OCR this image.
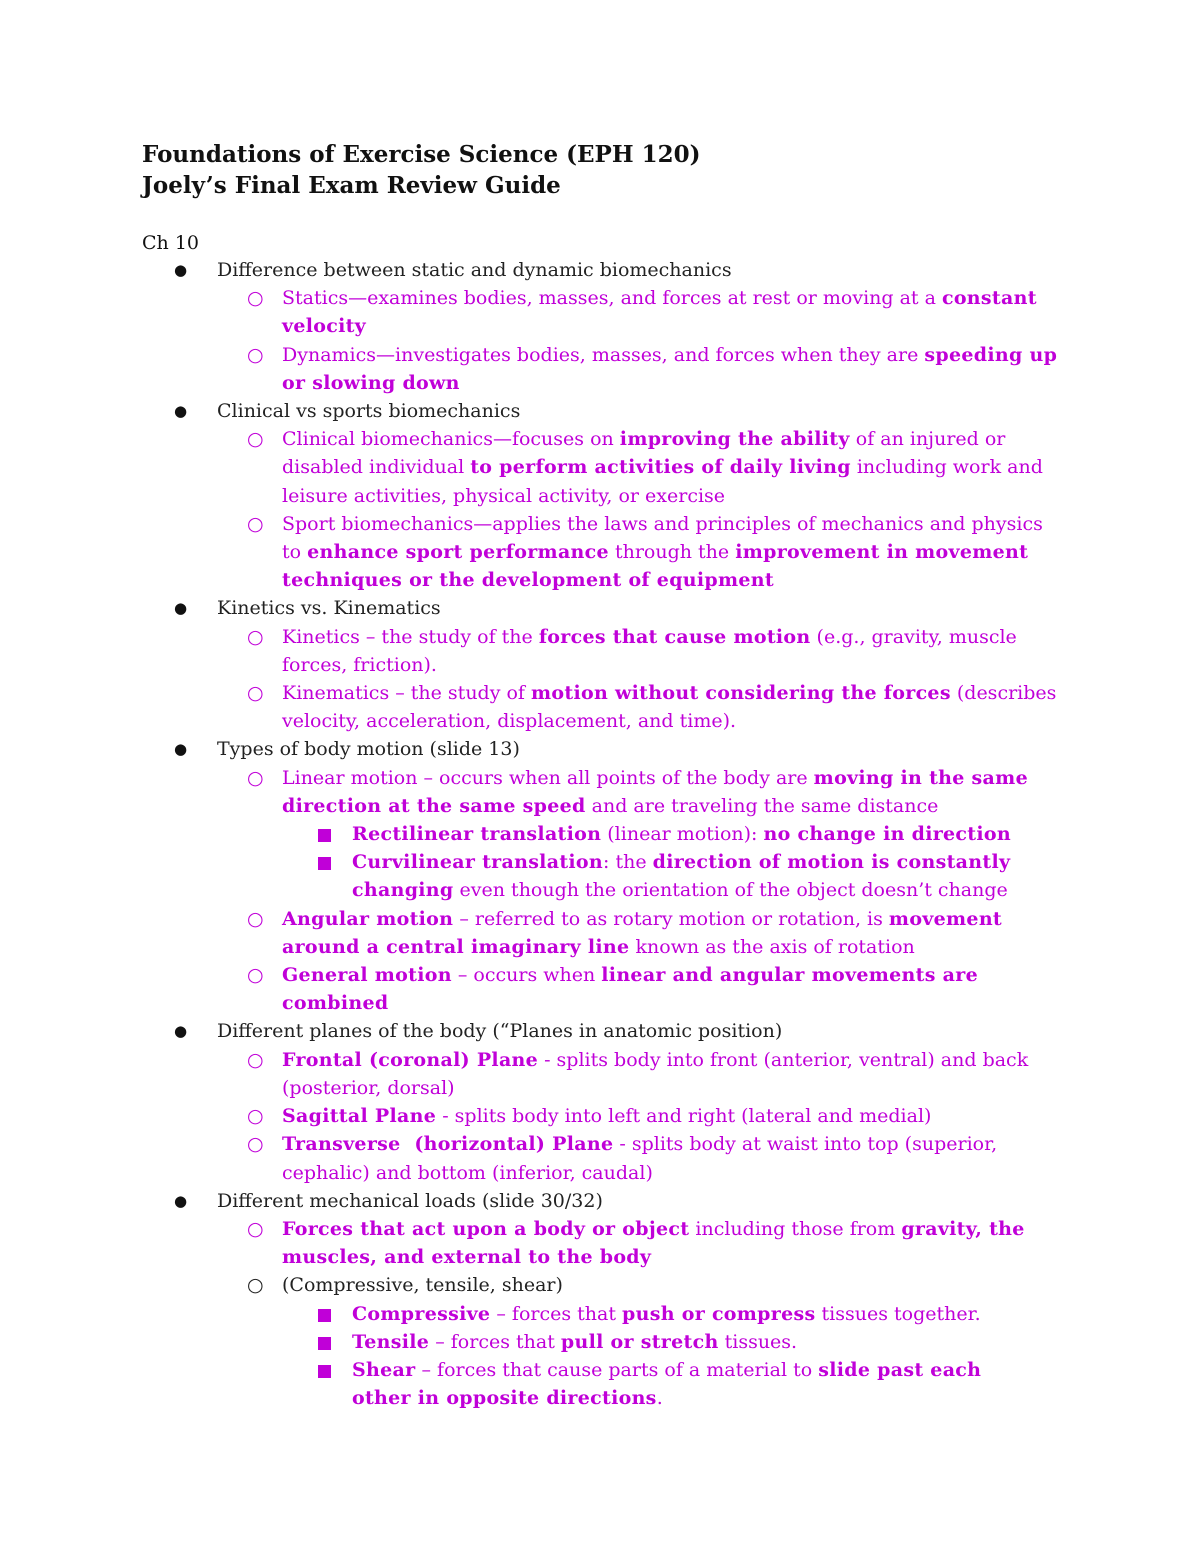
Foundations of Exercise Science (EPH 120)
Joely’s Final Exam Review Guide
Ch 10
● Difference between static and dynamic biomechanics
○ Statics—examines bodies, masses, and forces at rest or moving at a constant velocity
○ Dynamics—investigates bodies, masses, and forces when they are speeding up or slowing down
● Clinical vs sports biomechanics
○ Clinical biomechanics—focuses on improving the ability of an injured or disabled individual to perform activities of daily living including work and leisure activities, physical activity, or exercise
○ Sport biomechanics—applies the laws and principles of mechanics and physics to enhance sport performance through the improvement in movement techniques or the development of equipment
● Kinetics vs. Kinematics
○ Kinetics – the study of the forces that cause motion (e.g., gravity, muscle forces, friction).
○ Kinematics – the study of motion without considering the forces (describes velocity, acceleration, displacement, and time).
● Types of body motion (slide 13)
○ Linear motion – occurs when all points of the body are moving in the same direction at the same speed and are traveling the same distance
Rectilinear translation (linear motion): no change in direction
Curvilinear translation: the direction of motion is constantly changing even though the orientation of the object doesn’t change
○ Angular motion – referred to as rotary motion or rotation, is movement around a central imaginary line known as the axis of rotation
○ General motion – occurs when linear and angular movements are combined
● Different planes of the body (“Planes in anatomic position)
○ Frontal (coronal) Plane - splits body into front (anterior, ventral) and back (posterior, dorsal)
○ Sagittal Plane - splits body into left and right (lateral and medial)
○ Transverse  (horizontal) Plane - splits body at waist into top (superior, cephalic) and bottom (inferior, caudal)
● Different mechanical loads (slide 30/32)
○ Forces that act upon a body or object including those from gravity, the muscles, and external to the body
○ (Compressive, tensile, shear)
Compressive – forces that push or compress tissues together.
Tensile – forces that pull or stretch tissues.
Shear – forces that cause parts of a material to slide past each other in opposite directions.
